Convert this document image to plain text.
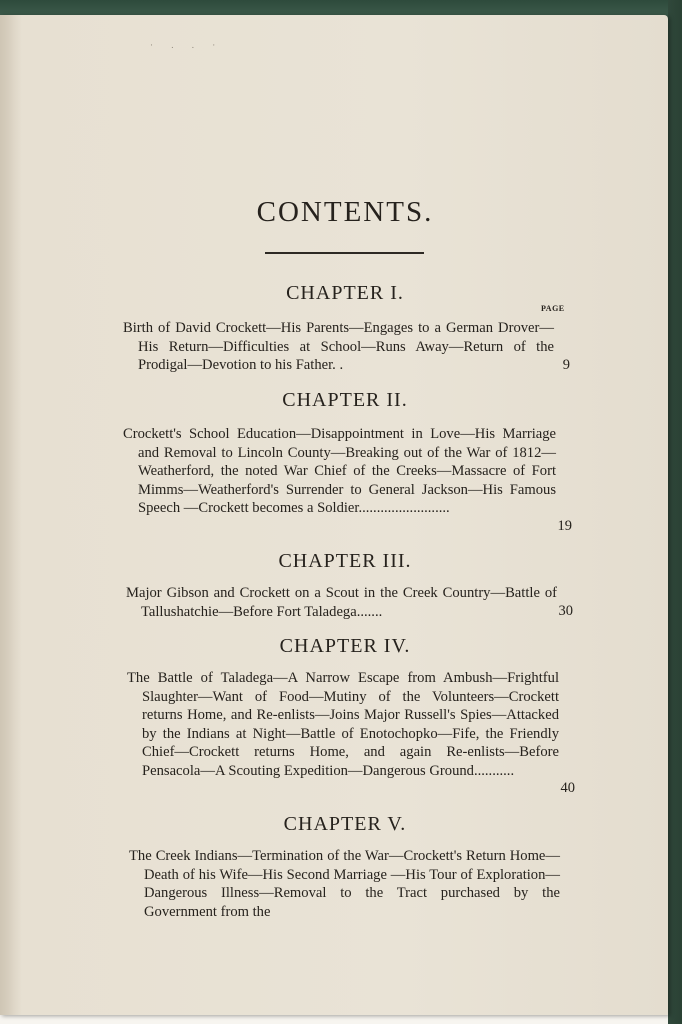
· . . ·
CONTENTS.
CHAPTER I.
PAGE

Birth of David Crockett—His Parents—Engages to a German Drover—His Return—Difficulties at School—Runs Away—Return of the Prodigal—Devotion to his Father. .	9
CHAPTER II.

Crockett's School Education—Disappointment in Love—His Marriage and Removal to Lincoln County—Breaking out of the War of 1812—Weatherford, the noted War Chief of the Creeks—Massacre of Fort Mimms—Weatherford's Surrender to General Jackson—His Famous Speech —Crockett becomes a Soldier.........................

19
CHAPTER III.

Major Gibson and Crockett on a Scout in the Creek Country—Battle of Tallushatchie—Before Fort Taladega.......	30
CHAPTER IV.

The Battle of Taladega—A Narrow Escape from Ambush—Frightful Slaughter—Want of Food—Mutiny of the Volunteers—Crockett returns Home, and Re-enlists—Joins Major Russell's Spies—Attacked by the Indians at Night—Battle of Enotochopko—Fife, the Friendly Chief—Crockett returns Home, and again Re-enlists—Before Pensacola—A Scouting Expedition—Dangerous Ground...........

40
CHAPTER V.

The Creek Indians—Termination of the War—Crockett's Return Home—Death of his Wife—His Second Marriage —His Tour of Exploration—Dangerous Illness—Removal to the Tract purchased by the Government from the
